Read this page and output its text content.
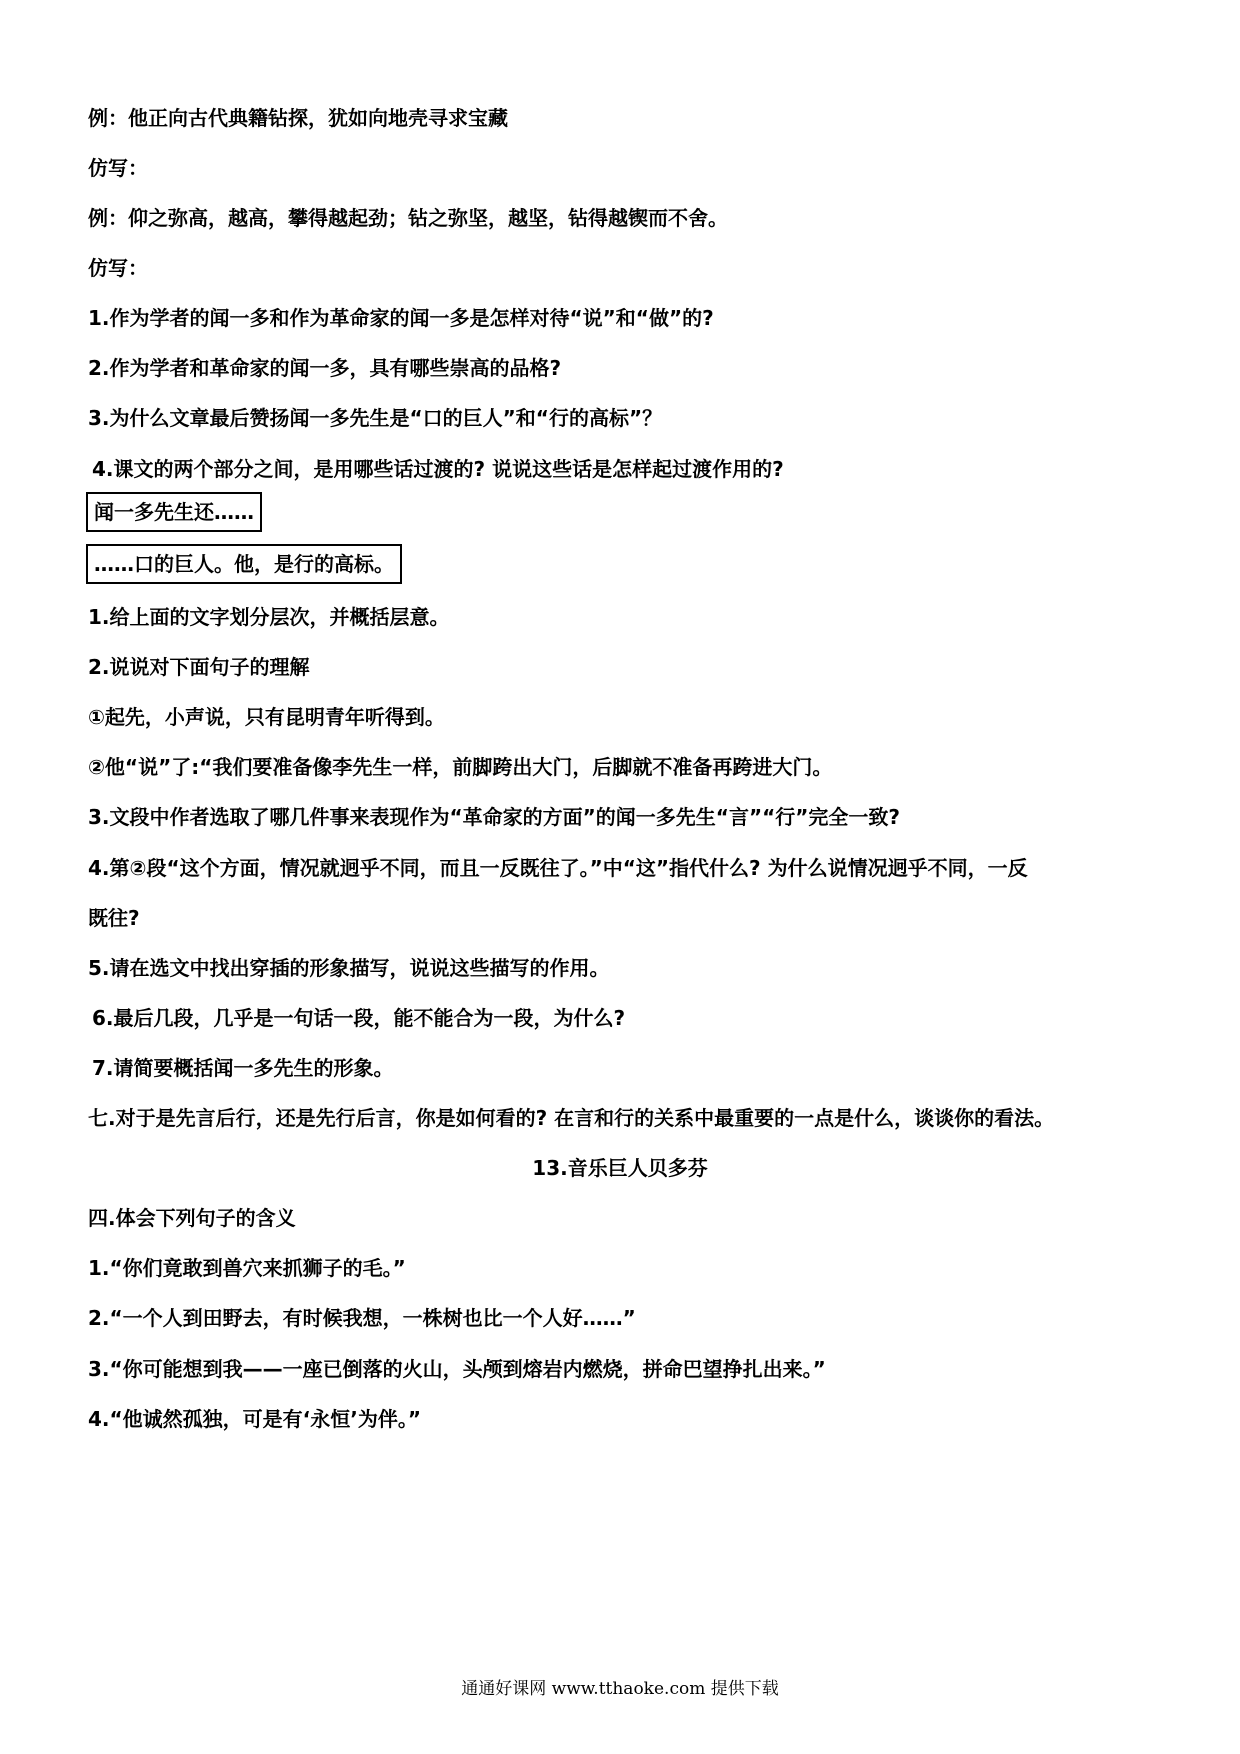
例：他正向古代典籍钻探，犹如向地壳寻求宝藏
仿写：
例：仰之弥高，越高，攀得越起劲；钻之弥坚，越坚，钻得越锲而不舍。
仿写：
1.作为学者的闻一多和作为革命家的闻一多是怎样对待“说”和“做”的?
2.作为学者和革命家的闻一多，具有哪些崇高的品格?
3.为什么文章最后赞扬闻一多先生是“口的巨人”和“行的高标”？
4.课文的两个部分之间，是用哪些话过渡的? 说说这些话是怎样起过渡作用的?
闻一多先生还……
……口的巨人。他，是行的高标。
1.给上面的文字划分层次，并概括层意。
2.说说对下面句子的理解
①起先，小声说，只有昆明青年听得到。
②他“说”了:“我们要准备像李先生一样，前脚跨出大门，后脚就不准备再跨进大门。
3.文段中作者选取了哪几件事来表现作为“革命家的方面”的闻一多先生“言”“行”完全一致?
4.第②段“这个方面，情况就迥乎不同，而且一反既往了。”中“这”指代什么? 为什么说情况迥乎不同，一反
既往?
5.请在选文中找出穿插的形象描写，说说这些描写的作用。
6.最后几段，几乎是一句话一段，能不能合为一段，为什么?
7.请简要概括闻一多先生的形象。
七.对于是先言后行，还是先行后言，你是如何看的? 在言和行的关系中最重要的一点是什么，谈谈你的看法。
13.音乐巨人贝多芬
四.体会下列句子的含义
1.“你们竟敢到兽穴来抓狮子的毛。”
2.“一个人到田野去，有时候我想，一株树也比一个人好……”
3.“你可能想到我——一座已倒落的火山，头颅到熔岩内燃烧，拼命巴望挣扎出来。”
4.“他诚然孤独，可是有‘永恒’为伴。”
通通好课网 www.tthaoke.com 提供下载
